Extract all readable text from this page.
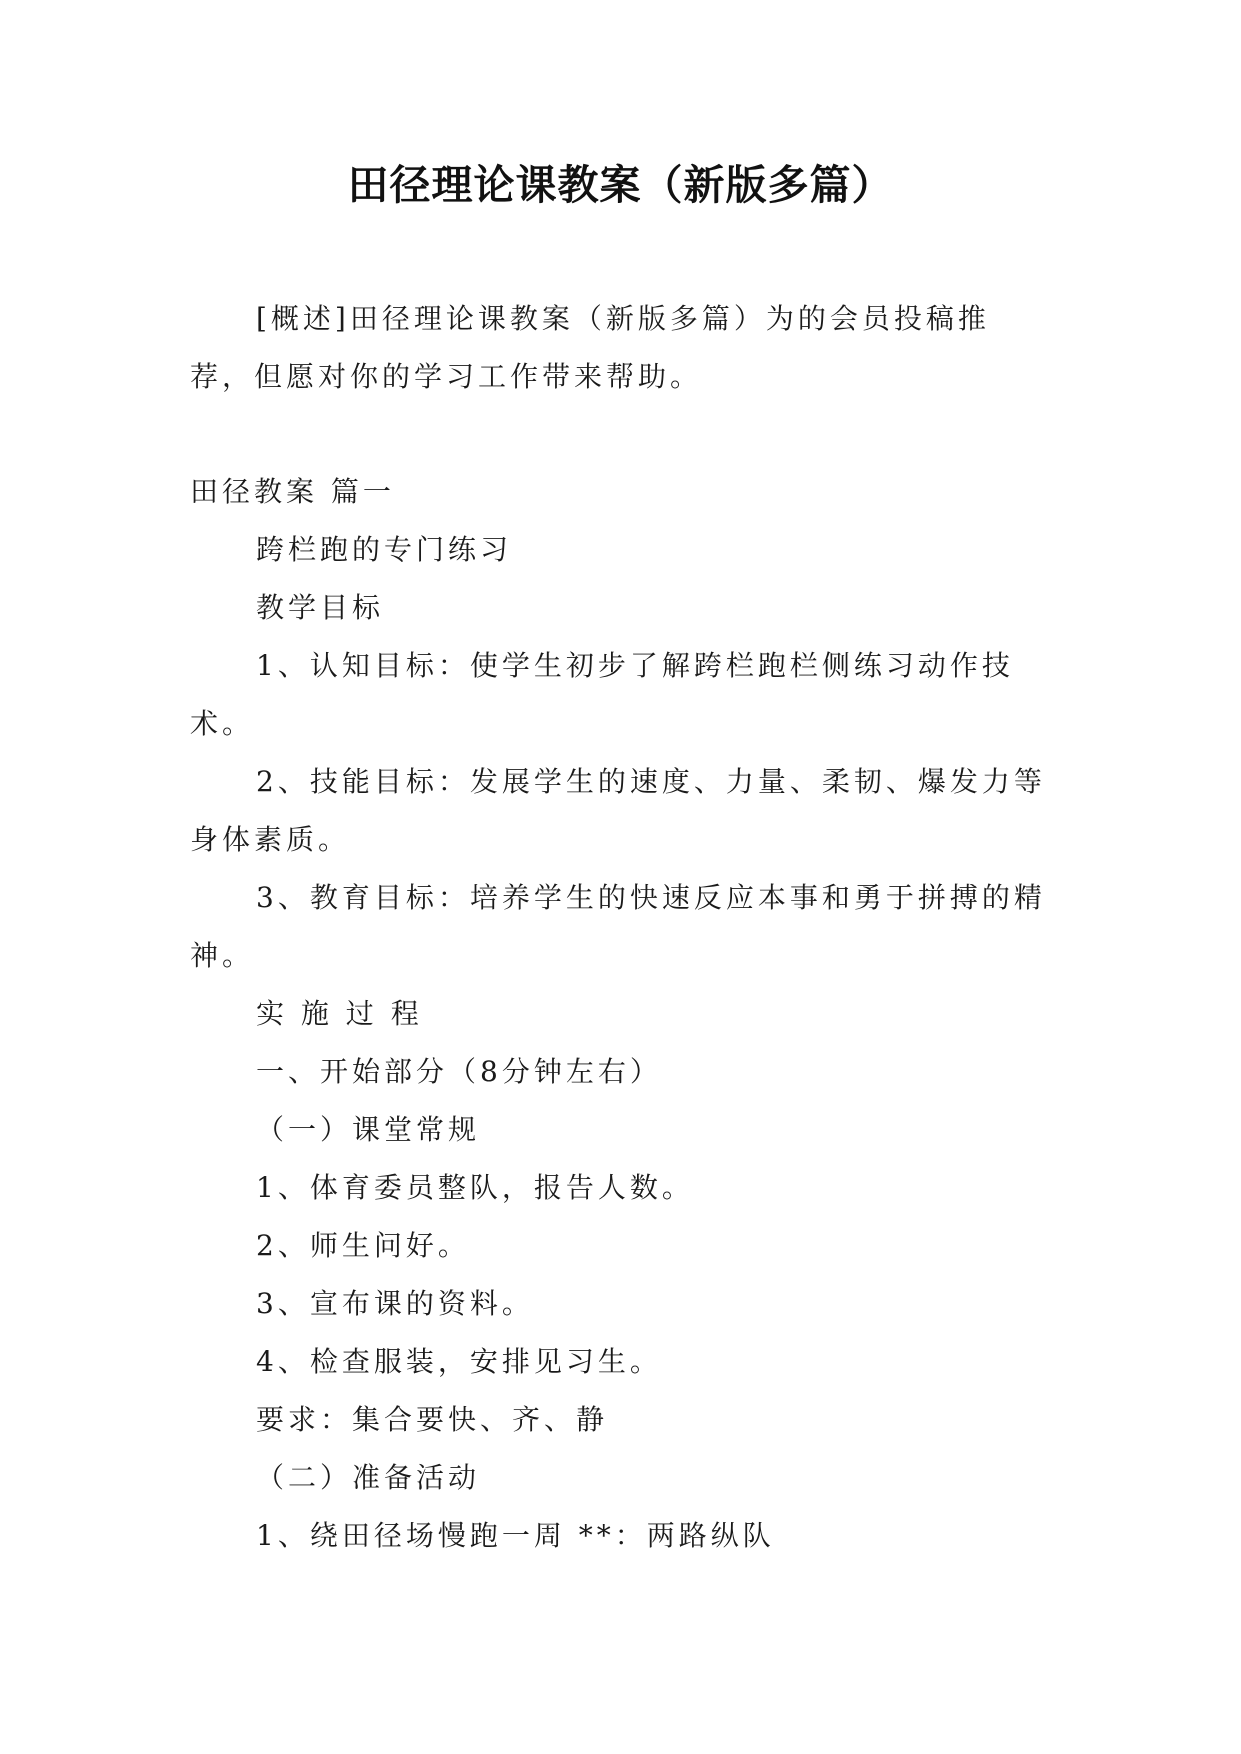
田径理论课教案（新版多篇）

[概述]田径理论课教案（新版多篇）为的会员投稿推荐，但愿对你的学习工作带来帮助。

田径教案 篇一

跨栏跑的专门练习

教学目标

1、认知目标：使学生初步了解跨栏跑栏侧练习动作技术。

2、技能目标：发展学生的速度、力量、柔韧、爆发力等身体素质。

3、教育目标：培养学生的快速反应本事和勇于拼搏的精神。

实 施 过 程

一、开始部分（8分钟左右）

（一）课堂常规

1、体育委员整队，报告人数。

2、师生问好。

3、宣布课的资料。

4、检查服装，安排见习生。

要求：集合要快、齐、静

（二）准备活动

1、绕田径场慢跑一周 **：两路纵队
